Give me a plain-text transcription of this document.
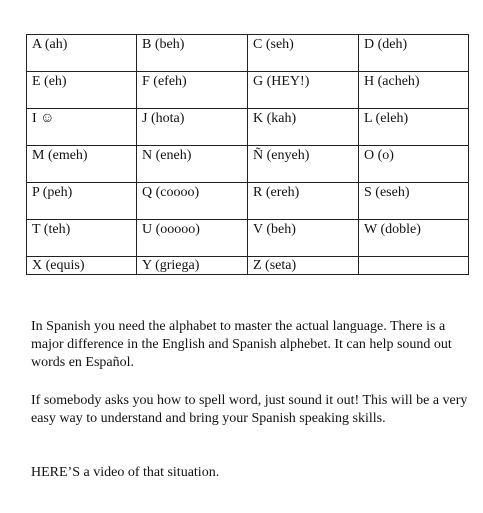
A (ah)	B (beh)	C (seh)	D (deh)
E (eh)	F (efeh)	G (HEY!)	H (acheh)
I ☺	J (hota)	K (kah)	L (eleh)
M (emeh)	N (eneh)	Ñ (enyeh)	O (o)
P (peh)	Q (coooo)	R (ereh)	S (eseh)
T (teh)	U (ooooo)	V (beh)	W (doble)
X (equis)	Y (griega)	Z (seta)	

In Spanish you need the alphabet to master the actual language. There is a major difference in the English and Spanish alphebet. It can help sound out words en Español.

If somebody asks you how to spell word, just sound it out! This will be a very easy way to understand and bring your Spanish speaking skills.

HERE’S a video of that situation.
